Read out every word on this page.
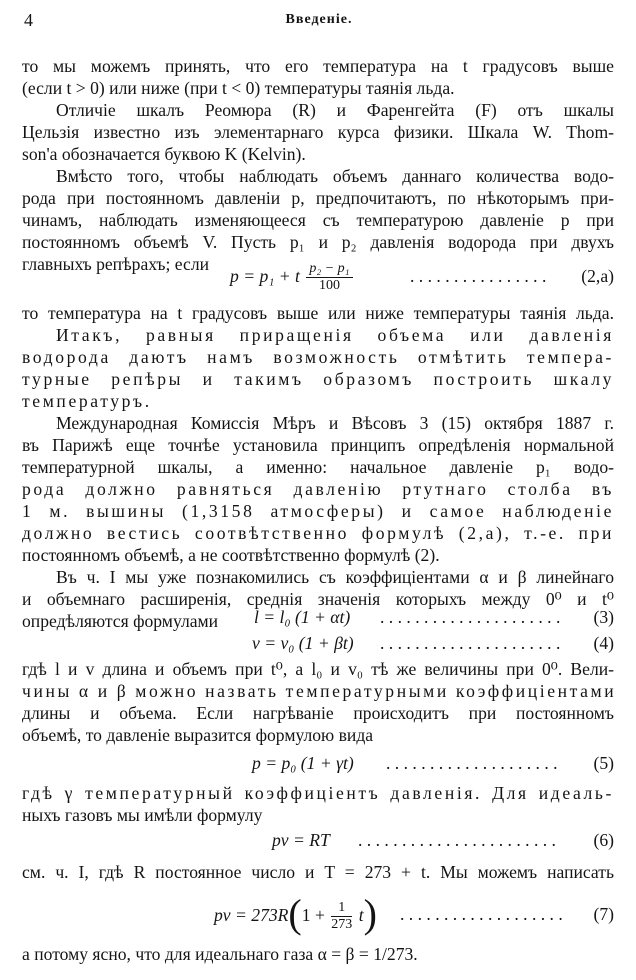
4	Введеніе.
то мы можемъ принять, что его температура на t градусовъ выше
(если t > 0) или ниже (при t < 0) температуры таянія льда.
Отличіе шкалъ Реомюра (R) и Фаренгейта (F) отъ шкалы
Цельзія известно изъ элементарнаго курса физики. Шкала W. Thom-
son'а обозначается буквою K (Kelvin).
Вмѣсто того, чтобы наблюдать объемъ даннаго количества водо-
рода при постоянномъ давленіи p, предпочитаютъ, по нѣкоторымъ при-
чинамъ, наблюдать изменяющееся съ температурою давленіе p при
постоянномъ объемѣ V. Пусть p₁ и p₂ давленія водорода при двухъ
главныхъ репѣрахъ; если
p = p₁ + t $\frac{\text{p₂ − p₁}}{100}$	. . . . . . . . . . . . . . . .	(2,a)
то температура на t градусовъ выше или ниже температуры таянія льда.
Итакъ, равныя приращенія объема или давленія
водорода даютъ намъ возможность отмѣтить темпера-
турные репѣры и такимъ образомъ построить шкалу
температуръ.
Международная Комиссія Мѣръ и Вѣсовъ 3 (15) октября 1887 г.
въ Парижѣ еще точнѣе установила принципъ опредѣленія нормальной
температурной шкалы, а именно: начальное давленіе p₁ водо-
рода должно равняться давленію ртутнаго столба въ
1 м. вышины (1,3158 атмосферы) и самое наблюденіе
должно вестись соотвѣтственно формулѣ (2,a), т.-е. при
постоянномъ объемѣ, а не соотвѣтственно формулѣ (2).
Въ ч. I мы уже познакомились съ коэффиціентами α и β линейнаго
и объемнаго расширенія, среднія значенія которыхъ между 0⁰ и t⁰
опредѣляются формулами	l = l₀ (1 + αt) . . . . . . . . . . . . . . . . . . . . .	(3)
v = v₀ (1 + βt) . . . . . . . . . . . . . . . . . . . . .	(4)
гдѣ l и v длина и объемъ при t⁰, а l₀ и v₀ тѣ же величины при 0⁰. Вели-
чины α и β можно назвать температурными коэффиціентами
длины и объема. Если нагрѣваніе происходитъ при постоянномъ
объемѣ, то давленіе выразится формулою вида
p = p₀ (1 + γt) . . . . . . . . . . . . . . . . . . . .	(5)
гдѣ γ температурный коэффиціентъ давленія. Для идеаль-
ныхъ газовъ мы имѣли формулу
pv = RT . . . . . . . . . . . . . . . . . . . . . . .	(6)
см. ч. I, гдѣ R постоянное число и T = 273 + t. Мы можемъ написать
pv = $273R(1 + \frac{1}{273} t)$ . . . . . . . . . . . . . . . . . . .	(7)
а потому ясно, что для идеальнаго газа α = β = 1/273.
